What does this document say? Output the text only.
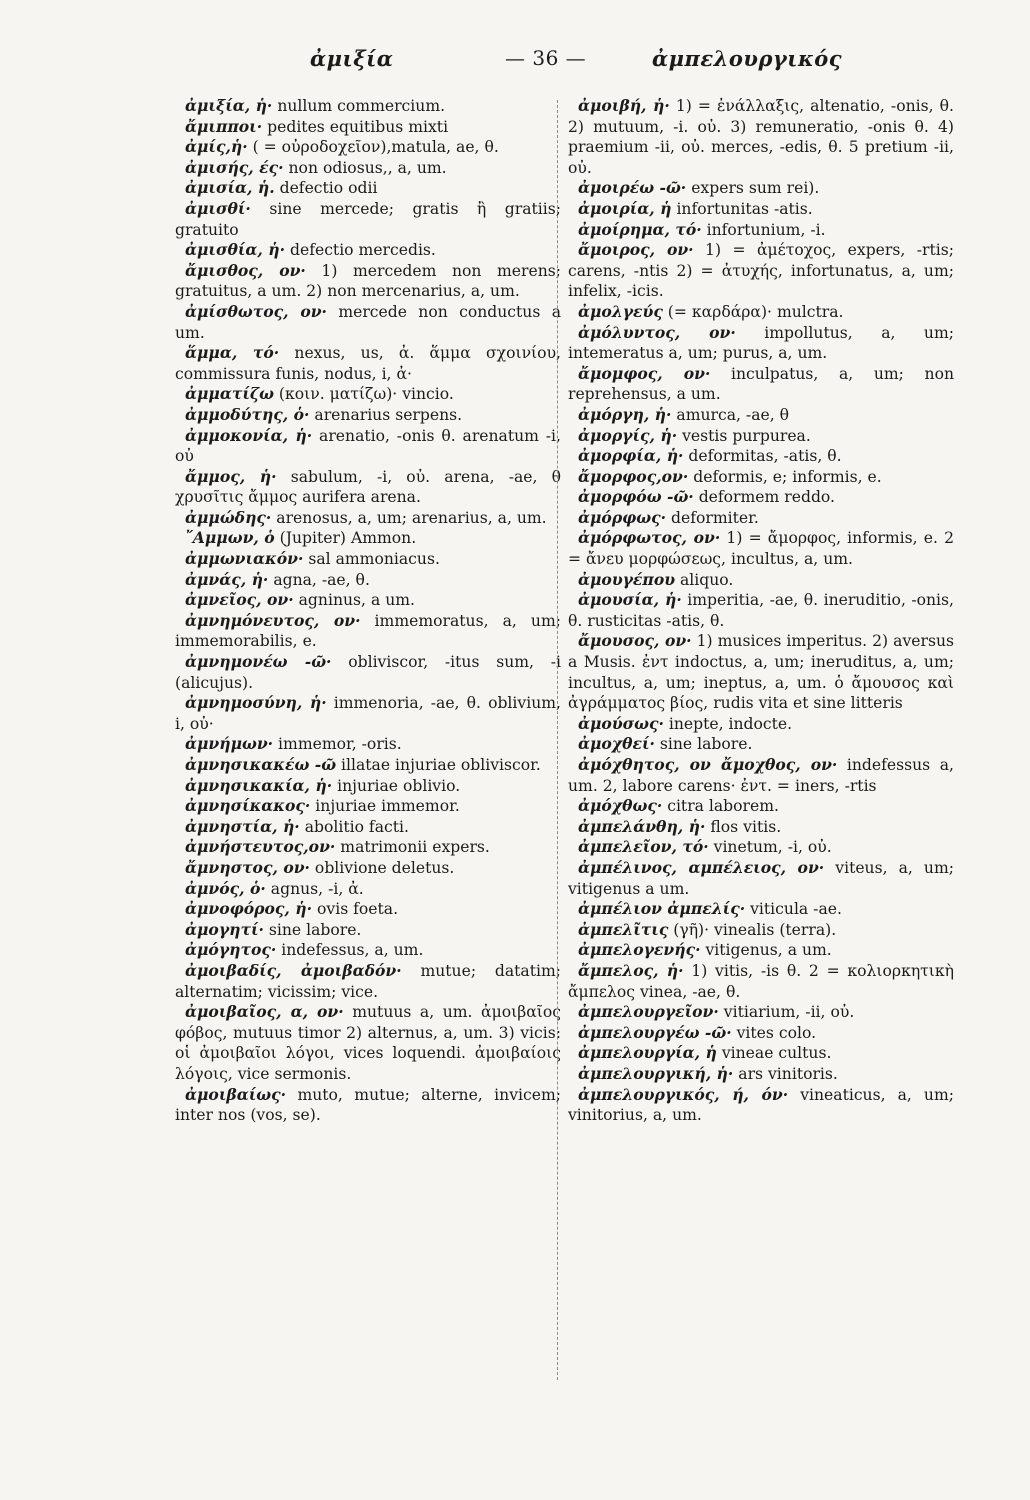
ἀμιξία	— 36 —	ἀμπελουργικός

ἀμιξία, ἡ· nullum commercium.

ἄμιπποι· pedites equitibus mixti

ἀμίς,ἡ· ( = οὐροδοχεῖον),matula, ae, θ.

ἀμισής, ές· non odiosus,, a, um.

ἀμισία, ἡ. defectio odii

ἀμισθί· sine mercede; gratis ἢ gratiis; gratuito

ἀμισθία, ἡ· defectio mercedis.

ἄμισθος, ον· 1) mercedem non merens; gratuitus, a um. 2) non mercenarius, a, um.

ἀμίσθωτος, ον· mercede non conductus a um.

ἅμμα, τό· nexus, us, ἀ. ἅμμα σχοινίου, commissura funis, nodus, i, ἀ·

ἀμματίζω (κοιν. ματίζω)· vincio.

ἀμμοδύτης, ὁ· arenarius serpens.

ἀμμοκονία, ἡ· arenatio, -onis θ. arenatum -i, οὐ

ἄμμος, ἡ· sabulum, -i, οὐ. arena, -ae, θ χρυσῖτις ἄμμος aurifera arena.

ἀμμώδης· arenosus, a, um; arenarius, a, um.

῎Αμμων, ὁ (Jupiter) Ammon.

ἀμμωνιακόν· sal ammoniacus.

ἀμνάς, ἡ· agna, -ae, θ.

ἀμνεῖος, ον· agninus, a um.

ἀμνημόνευτος, ον· immemoratus, a, um; immemorabilis, e.

ἀμνημονέω -ῶ· obliviscor, -itus sum, -i (alicujus).

ἀμνημοσύνη, ἡ· immenoria, -ae, θ. oblivium, i, οὐ·

ἀμνήμων· immemor, -oris.

ἀμνησικακέω -ῶ illatae injuriae obliviscor.

ἀμνησικακία, ἡ· injuriae oblivio.

ἀμνησίκακος· injuriae immemor.

ἀμνηστία, ἡ· abolitio facti.

ἀμνήστευτος,ον· matrimonii expers.

ἄμνηστος, ον· oblivione deletus.

ἀμνός, ὁ· agnus, -i, ἀ.

ἀμνοφόρος, ἡ· ovis foeta.

ἀμογητί· sine labore.

ἀμόγητος· indefessus, a, um.

ἀμοιβαδίς, ἀμοιβαδόν· mutue; datatim; alternatim; vicissim; vice.

ἀμοιβαῖος, α, ον· mutuus a, um. ἀμοιβαῖος φόβος, mutuus timor 2) alternus, a, um. 3) vicis: οἱ ἀμοιβαῖοι λόγοι, vices loquendi. ἀμοιβαίοις λόγοις, vice sermonis.

ἀμοιβαίως· muto, mutue; alterne, invicem; inter nos (vos, se).

ἀμοιβή, ἡ· 1) = ἐνάλλαξις, altenatio, -onis, θ. 2) mutuum, -i. οὐ. 3) remuneratio, -onis θ. 4) praemium -ii, οὐ. merces, -edis, θ. 5 pretium -ii, οὐ.

ἀμοιρέω -ῶ· expers sum rei).

ἀμοιρία, ἡ infortunitas -atis.

ἀμοίρημα, τό· infortunium, -i.

ἄμοιρος, ον· 1) = ἀμέτοχος, expers, -rtis; carens, -ntis 2) = ἀτυχής, infortunatus, a, um; infelix, -icis.

ἀμολγεύς (= καρδάρα)· mulctra.

ἀμόλυντος, ον· impollutus, a, um; intemeratus a, um; purus, a, um.

ἄμομφος, ον· inculpatus, a, um; non reprehensus, a um.

ἀμόργη, ἡ· amurca, -ae, θ

ἀμοργίς, ἡ· vestis purpurea.

ἀμορφία, ἡ· deformitas, -atis, θ.

ἄμορφος,ον· deformis, e; informis, e.

ἀμορφόω -ῶ· deformem reddo.

ἀμόρφως· deformiter.

ἀμόρφωτος, ον· 1) = ἄμορφος, informis, e. 2 = ἄνευ μορφώσεως, incultus, a, um.

ἀμουγέπου aliquo.

ἀμουσία, ἡ· imperitia, -ae, θ. ineruditio, -onis, θ. rusticitas -atis, θ.

ἄμουσος, ον· 1) musices imperitus. 2) aversus a Musis. ἐντ indoctus, a, um; ineruditus, a, um; incultus, a, um; ineptus, a, um. ὁ ἄμουσος καὶ ἀγράμματος βίος, rudis vita et sine litteris

ἀμούσως· inepte, indocte.

ἀμοχθεί· sine labore.

ἀμόχθητος, ον ἄμοχθος, ον· indefessus a, um. 2, labore carens· ἐντ. = iners, -rtis

ἀμόχθως· citra laborem.

ἀμπελάνθη, ἡ· flos vitis.

ἀμπελεῖον, τό· vinetum, -i, οὐ.

ἀμπέλινος, αμπέλειος, ον· viteus, a, um; vitigenus a um.

ἀμπέλιον ἀμπελίς· viticula -ae.

ἀμπελῖτις (γῆ)· vinealis (terra).

ἀμπελογενής· vitigenus, a um.

ἄμπελος, ἡ· 1) vitis, -is θ. 2 = κολιορκητικὴ ἄμπελος vinea, -ae, θ.

ἀμπελουργεῖον· vitiarium, -ii, οὐ.

ἀμπελουργέω -ῶ· vites colo.

ἀμπελουργία, ἡ vineae cultus.

ἀμπελουργική, ἡ· ars vinitoris.

ἀμπελουργικός, ή, όν· vineaticus, a, um; vinitorius, a, um.
